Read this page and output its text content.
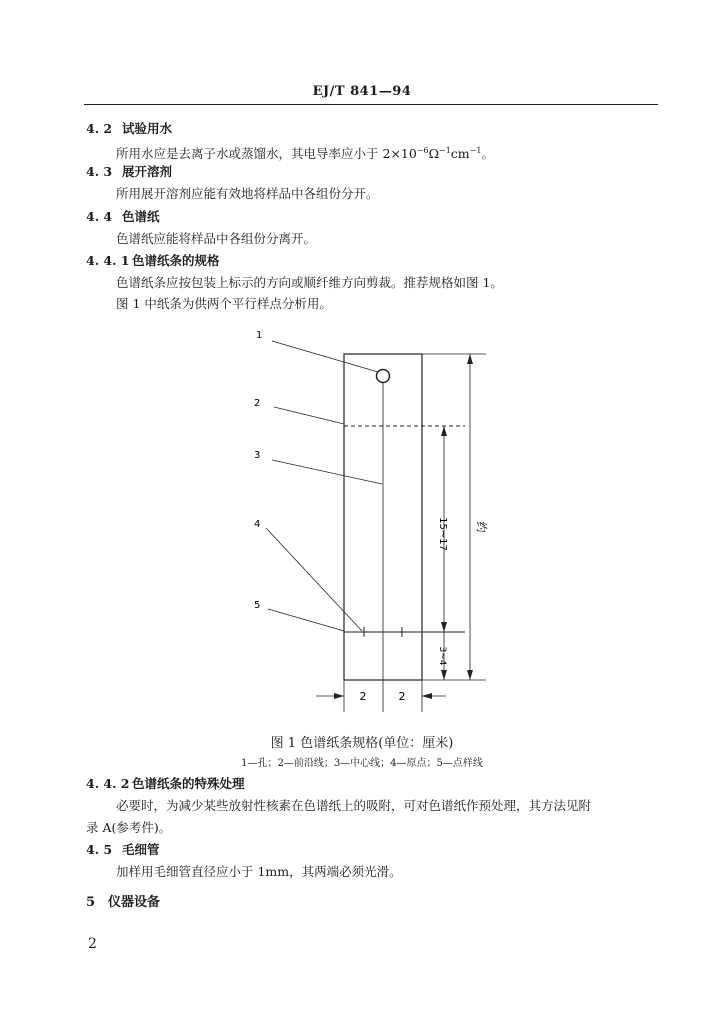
EJ/T 841—94
4. 2 试验用水
所用水应是去离子水或蒸馏水，其电导率应小于 $2\times 10^{-6}\Omega^{-1}cm^{-1}$。
4. 3 展开溶剂
所用展开溶剂应能有效地将样品中各组份分开。
4. 4 色谱纸
色谱纸应能将样品中各组份分离开。
4. 4. 1 色谱纸条的规格
色谱纸条应按包装上标示的方向或顺纤维方向剪裁。推荐规格如图 1。
图 1 中纸条为供两个平行样点分析用。
1
2
3
4
5
约
15~17
3~4
2	2
图 1 色谱纸条规格(单位：厘米)
1—孔；2—前沿线；3—中心线；4—原点；5—点样线
4. 4. 2 色谱纸条的特殊处理
必要时，为减少某些放射性核素在色谱纸上的吸附，可对色谱纸作预处理，其方法见附
录 A(参考件)。
4. 5 毛细管
加样用毛细管直径应小于 1mm，其两端必须光滑。
5 仪器设备
2
